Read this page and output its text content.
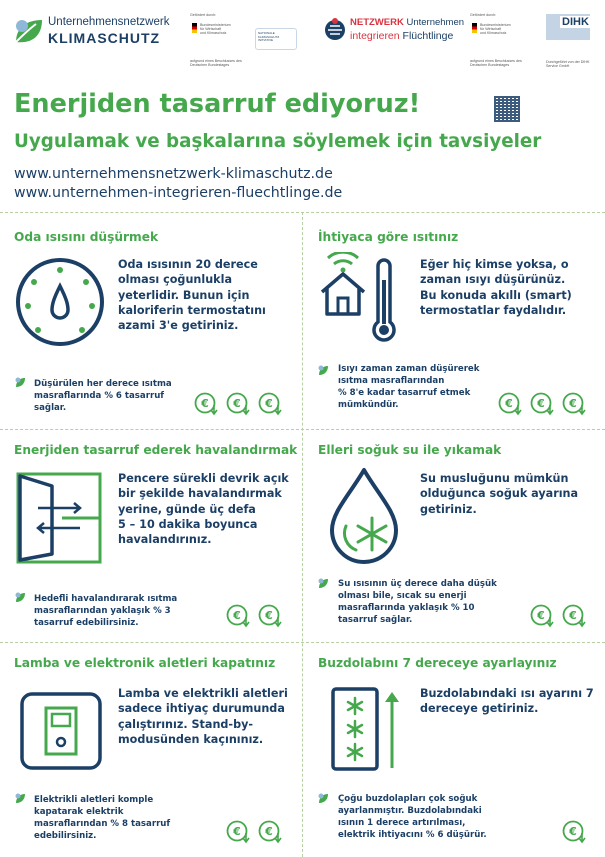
Unternehmensnetzwerk
KLIMASCHUTZ
Gefördert durch:
Bundesministerium
für Wirtschaft
und Klimaschutz
aufgrund eines Beschlusses des Deutschen Bundestages
NATIONALE KLIMASCHUTZ INITIATIVE
NETZWERK Unternehmen
integrieren Flüchtlinge
Gefördert durch:
Bundesministerium
für Wirtschaft
und Klimaschutz
aufgrund eines Beschlusses des Deutschen Bundestages
DIHK
Durchgeführt von der DIHK Service GmbH
Enerjiden tasarruf ediyoruz!
Uygulamak ve başkalarına söylemek için tavsiyeler
www.unternehmensnetzwerk-klimaschutz.de
www.unternehmen-integrieren-fluechtlinge.de
Oda ısısını düşürmek
Oda ısısının 20 derece
olması çoğunlukla
yeterlidir. Bunun için
kaloriferin termostatını
azami 3'e getiriniz.
Düşürülen her derece ısıtma
masraflarında % 6 tasarruf
sağlar.	€ € €
İhtiyaca göre ısıtınız
Eğer hiç kimse yoksa, o
zaman ısıyı düşürünüz.
Bu konuda akıllı (smart)
termostatlar faydalıdır.
Isıyı zaman zaman düşürerek
ısıtma masraflarından
% 8'e kadar tasarruf etmek
mümkündür.	€ € €
Enerjiden tasarruf ederek havalandırmak
Pencere sürekli devrik açık
bir şekilde havalandırmak
yerine, günde üç defa
5 – 10 dakika boyunca
havalandırınız.
Hedefli havalandırarak ısıtma
masraflarından yaklaşık % 3
tasarruf edebilirsiniz.
€ €
Elleri soğuk su ile yıkamak
Su musluğunu mümkün
olduğunca soğuk ayarına
getiriniz.
Su ısısının üç derece daha düşük
olması bile, sıcak su enerji
masraflarında yaklaşık % 10
tasarruf sağlar.	€ €
Lamba ve elektronik aletleri kapatınız
Lamba ve elektrikli aletleri
sadece ihtiyaç durumunda
çalıştırınız. Stand-by-
modusünden kaçınınız.
Elektrikli aletleri komple
kapatarak elektrik
masraflarından % 8 tasarruf
edebilirsiniz.	€ €
Buzdolabını 7 dereceye ayarlayınız
Buzdolabındaki ısı ayarını 7
dereceye getiriniz.
Çoğu buzdolapları çok soğuk
ayarlanmıştır. Buzdolabındaki
ısının 1 derece artırılması,
elektrik ihtiyacını % 6 düşürür.	€
